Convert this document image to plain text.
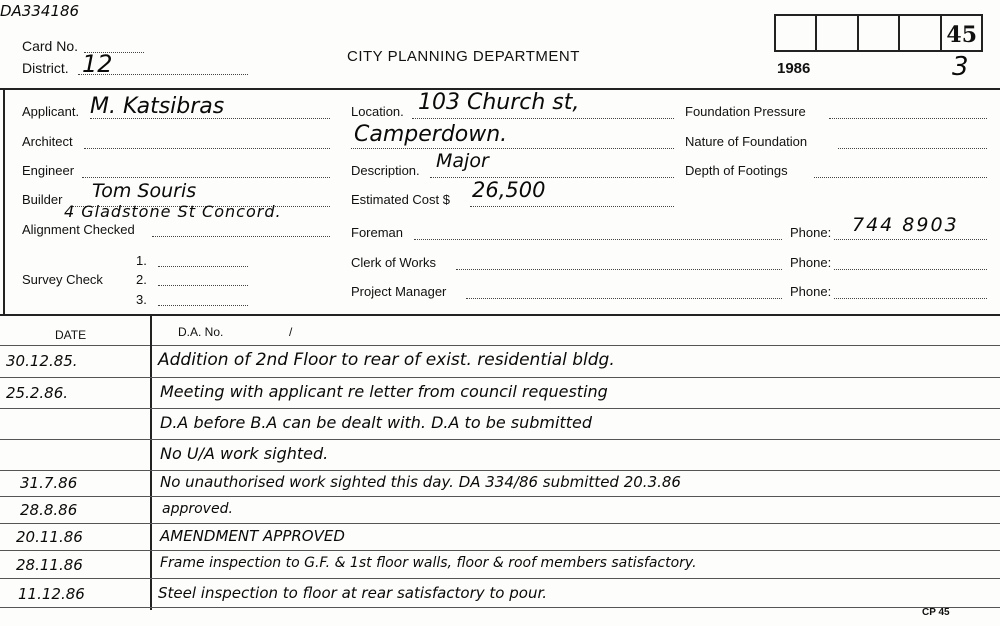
DA334186
Card No.
District. 12	CITY PLANNING DEPARTMENT
1986
45
3
Applicant. M. Katsibras
Architect
Engineer
Builder Tom Souris
4 Gladstone St Concord.
Alignment Checked
1.
Survey Check	2.
3.
Location. 103 Church st,
Camperdown.
Description. Major
Estimated Cost $ 26,500
Foreman
Clerk of Works
Project Manager
Foundation Pressure
Nature of Foundation
Depth of Footings
Phone: 744 8903
Phone:
Phone:
DATE	D.A. No.	/
30.12.85.	Addition of 2nd Floor to rear of exist. residential bldg.
25.2.86.	Meeting with applicant re letter from council requesting
D.A before B.A can be dealt with. D.A to be submitted
No U/A work sighted.
31.7.86	No unauthorised work sighted this day. DA 334/86 submitted 20.3.86
28.8.86	approved.
20.11.86	AMENDMENT APPROVED
28.11.86	Frame inspection to G.F. & 1st floor walls, floor & roof members satisfactory.
11.12.86	Steel inspection to floor at rear satisfactory to pour.
CP 45
